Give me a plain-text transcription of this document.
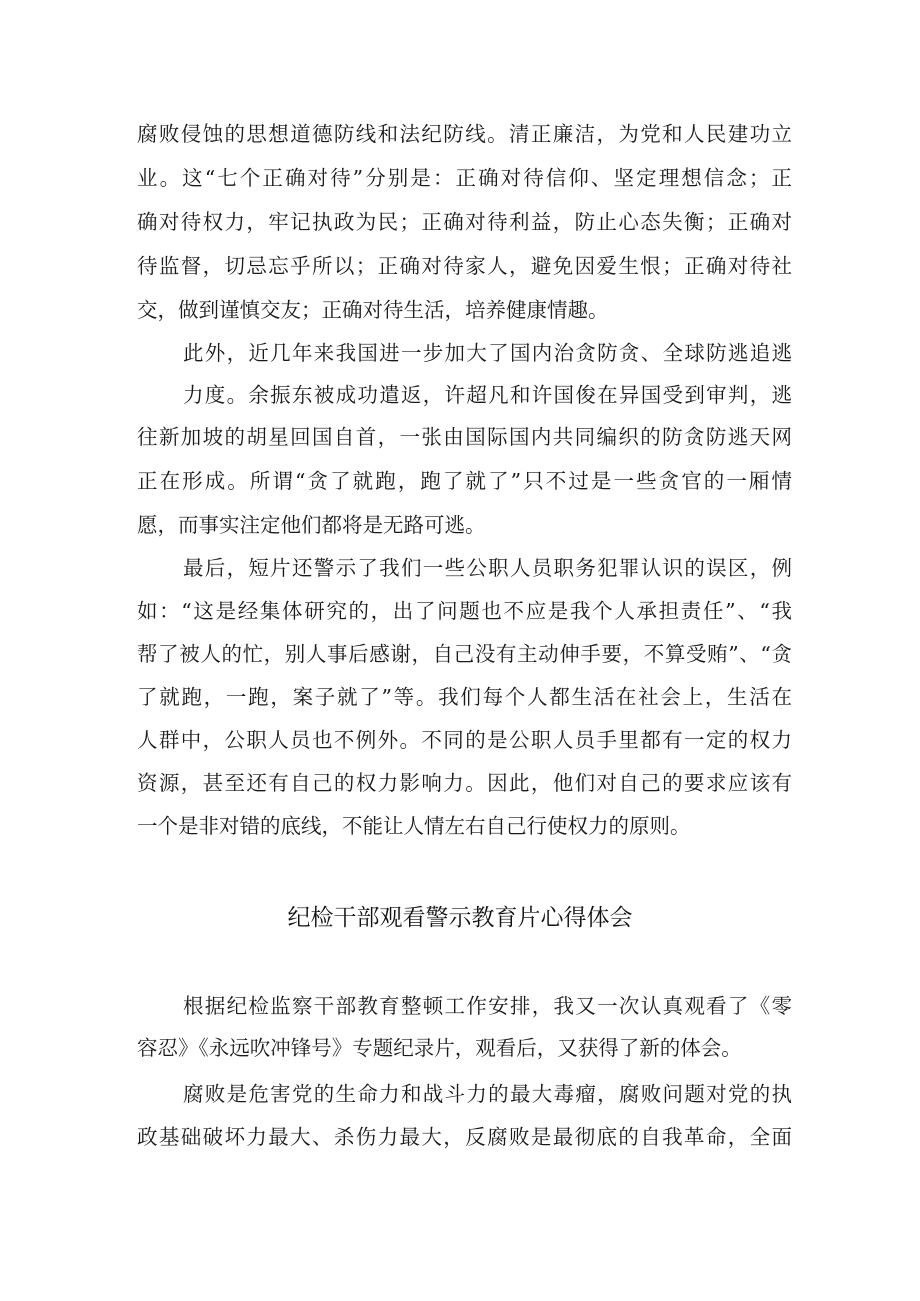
腐败侵蚀的思想道德防线和法纪防线。清正廉洁，为党和人民建功立
业。这“七个正确对待”分别是：正确对待信仰、坚定理想信念；正
确对待权力，牢记执政为民；正确对待利益，防止心态失衡；正确对
待监督，切忌忘乎所以；正确对待家人，避免因爱生恨；正确对待社
交，做到谨慎交友；正确对待生活，培养健康情趣。
此外，近几年来我国进一步加大了国内治贪防贪、全球防逃追逃
力度。余振东被成功遣返，许超凡和许国俊在异国受到审判，逃
往新加坡的胡星回国自首，一张由国际国内共同编织的防贪防逃天网
正在形成。所谓“贪了就跑，跑了就了”只不过是一些贪官的一厢情
愿，而事实注定他们都将是无路可逃。
最后，短片还警示了我们一些公职人员职务犯罪认识的误区，例
如：“这是经集体研究的，出了问题也不应是我个人承担责任”、“我
帮了被人的忙，别人事后感谢，自己没有主动伸手要，不算受贿”、“贪
了就跑，一跑，案子就了”等。我们每个人都生活在社会上，生活在
人群中，公职人员也不例外。不同的是公职人员手里都有一定的权力
资源，甚至还有自己的权力影响力。因此，他们对自己的要求应该有
一个是非对错的底线，不能让人情左右自己行使权力的原则。
纪检干部观看警示教育片心得体会
根据纪检监察干部教育整顿工作安排，我又一次认真观看了《零
容忍》《永远吹冲锋号》专题纪录片，观看后，又获得了新的体会。
腐败是危害党的生命力和战斗力的最大毒瘤，腐败问题对党的执
政基础破坏力最大、杀伤力最大，反腐败是最彻底的自我革命，全面
